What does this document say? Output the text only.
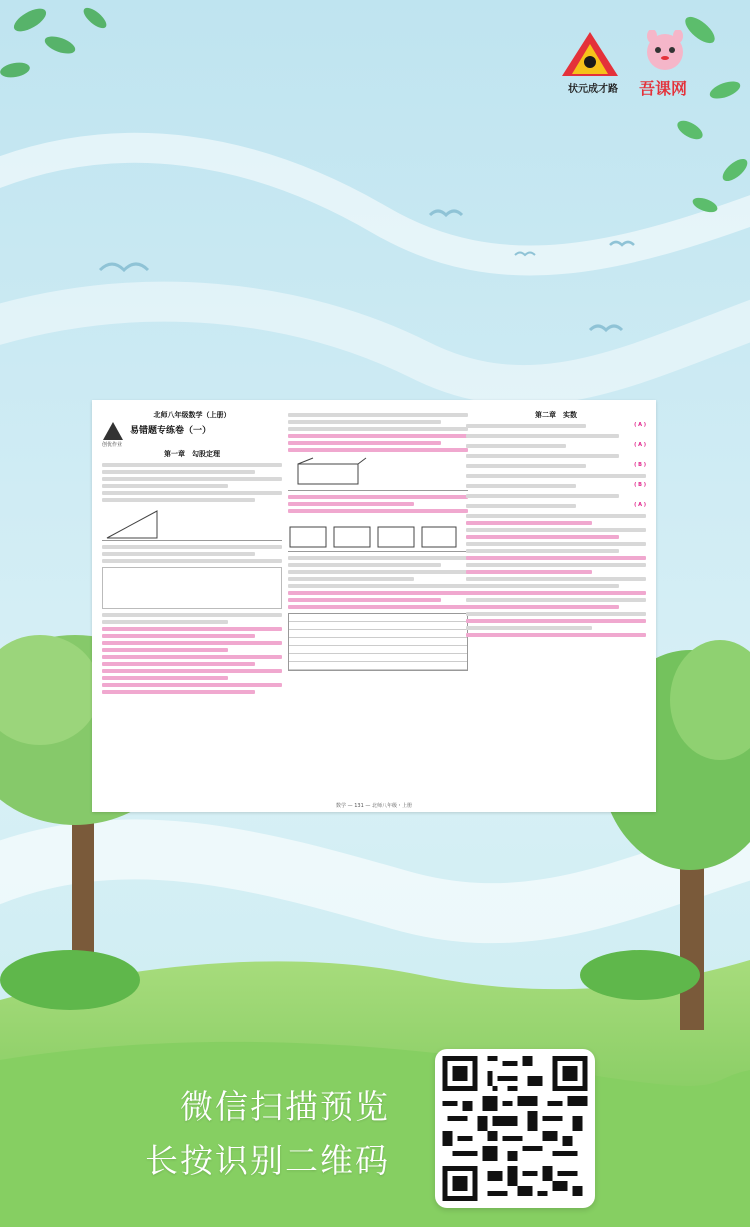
状元成才路	吾课网
北师八年级数学（上册）
易错题专练卷（一）
创优作业
第一章　勾股定理
第二章　实数
( A )
( A )
( B )
( B )
( A )
数学 — 131 — 北师八年级・上册
微信扫描预览
长按识别二维码
